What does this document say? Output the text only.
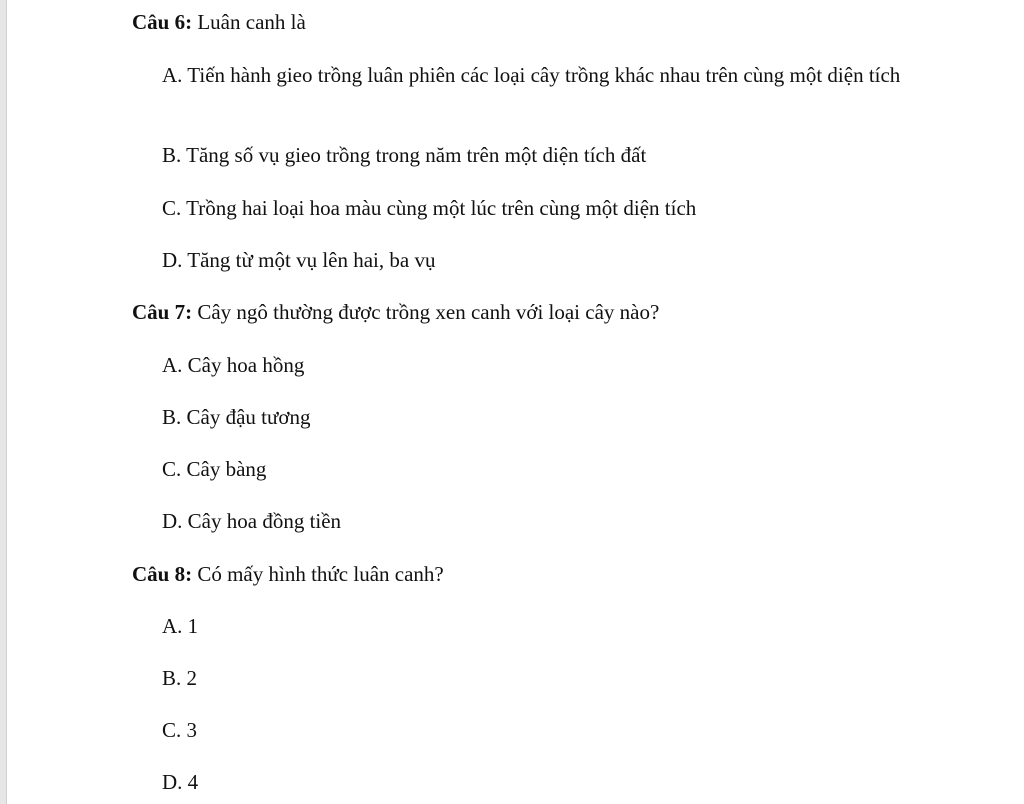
Câu 6: Luân canh là
A. Tiến hành gieo trồng luân phiên các loại cây trồng khác nhau trên cùng một diện tích
B. Tăng số vụ gieo trồng trong năm trên một diện tích đất
C. Trồng hai loại hoa màu cùng một lúc trên cùng một diện tích
D. Tăng từ một vụ lên hai, ba vụ
Câu 7: Cây ngô thường được trồng xen canh với loại cây nào?
A. Cây hoa hồng
B. Cây đậu tương
C. Cây bàng
D. Cây hoa đồng tiền
Câu 8: Có mấy hình thức luân canh?
A. 1
B. 2
C. 3
D. 4
